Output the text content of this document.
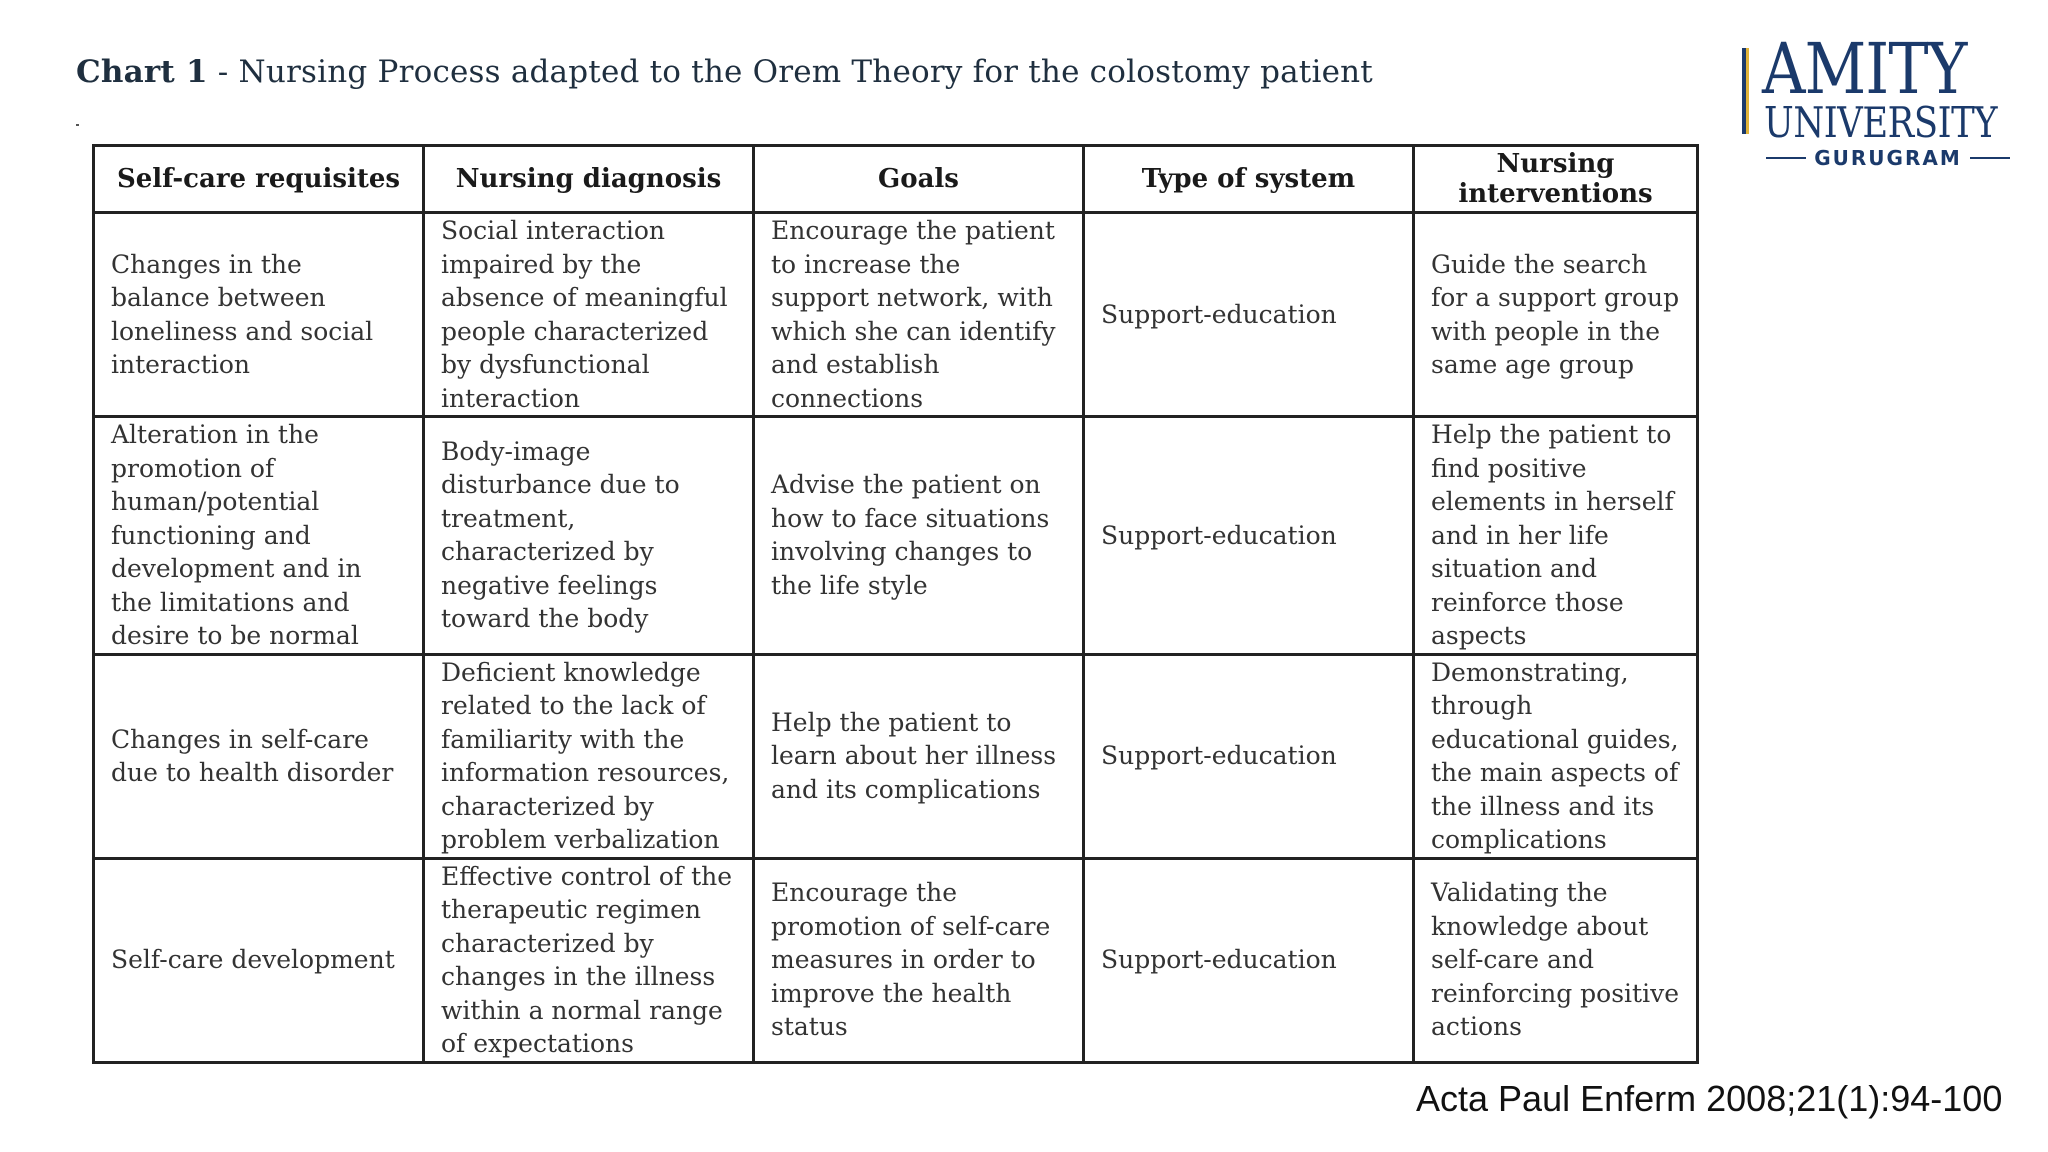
Chart 1 - Nursing Process adapted to the Orem Theory for the colostomy patient	AMITY
UNIVERSITY
GURUGRAM
Self-care requisites	Nursing diagnosis	Goals	Type of system	Nursing interventions
Changes in the balance between loneliness and social interaction	Social interaction impaired by the absence of meaningful people characterized by dysfunctional interaction	Encourage the patient to increase the support network, with which she can identify and establish connections	Support-education	Guide the search for a support group with people in the same age group
Alteration in the promotion of human/potential functioning and development and in the limitations and desire to be normal	Body-image disturbance due to treatment, characterized by negative feelings toward the body	Advise the patient on how to face situations involving changes to the life style	Support-education	Help the patient to find positive elements in herself and in her life situation and reinforce those aspects
Changes in self-care due to health disorder	Deficient knowledge related to the lack of familiarity with the information resources, characterized by problem verbalization	Help the patient to learn about her illness and its complications	Support-education	Demonstrating, through educational guides, the main aspects of the illness and its complications
Self-care development	Effective control of the therapeutic regimen characterized by changes in the illness within a normal range of expectations	Encourage the promotion of self-care measures in order to improve the health status	Support-education	Validating the knowledge about self-care and reinforcing positive actions
Acta Paul Enferm 2008;21(1):94-100
